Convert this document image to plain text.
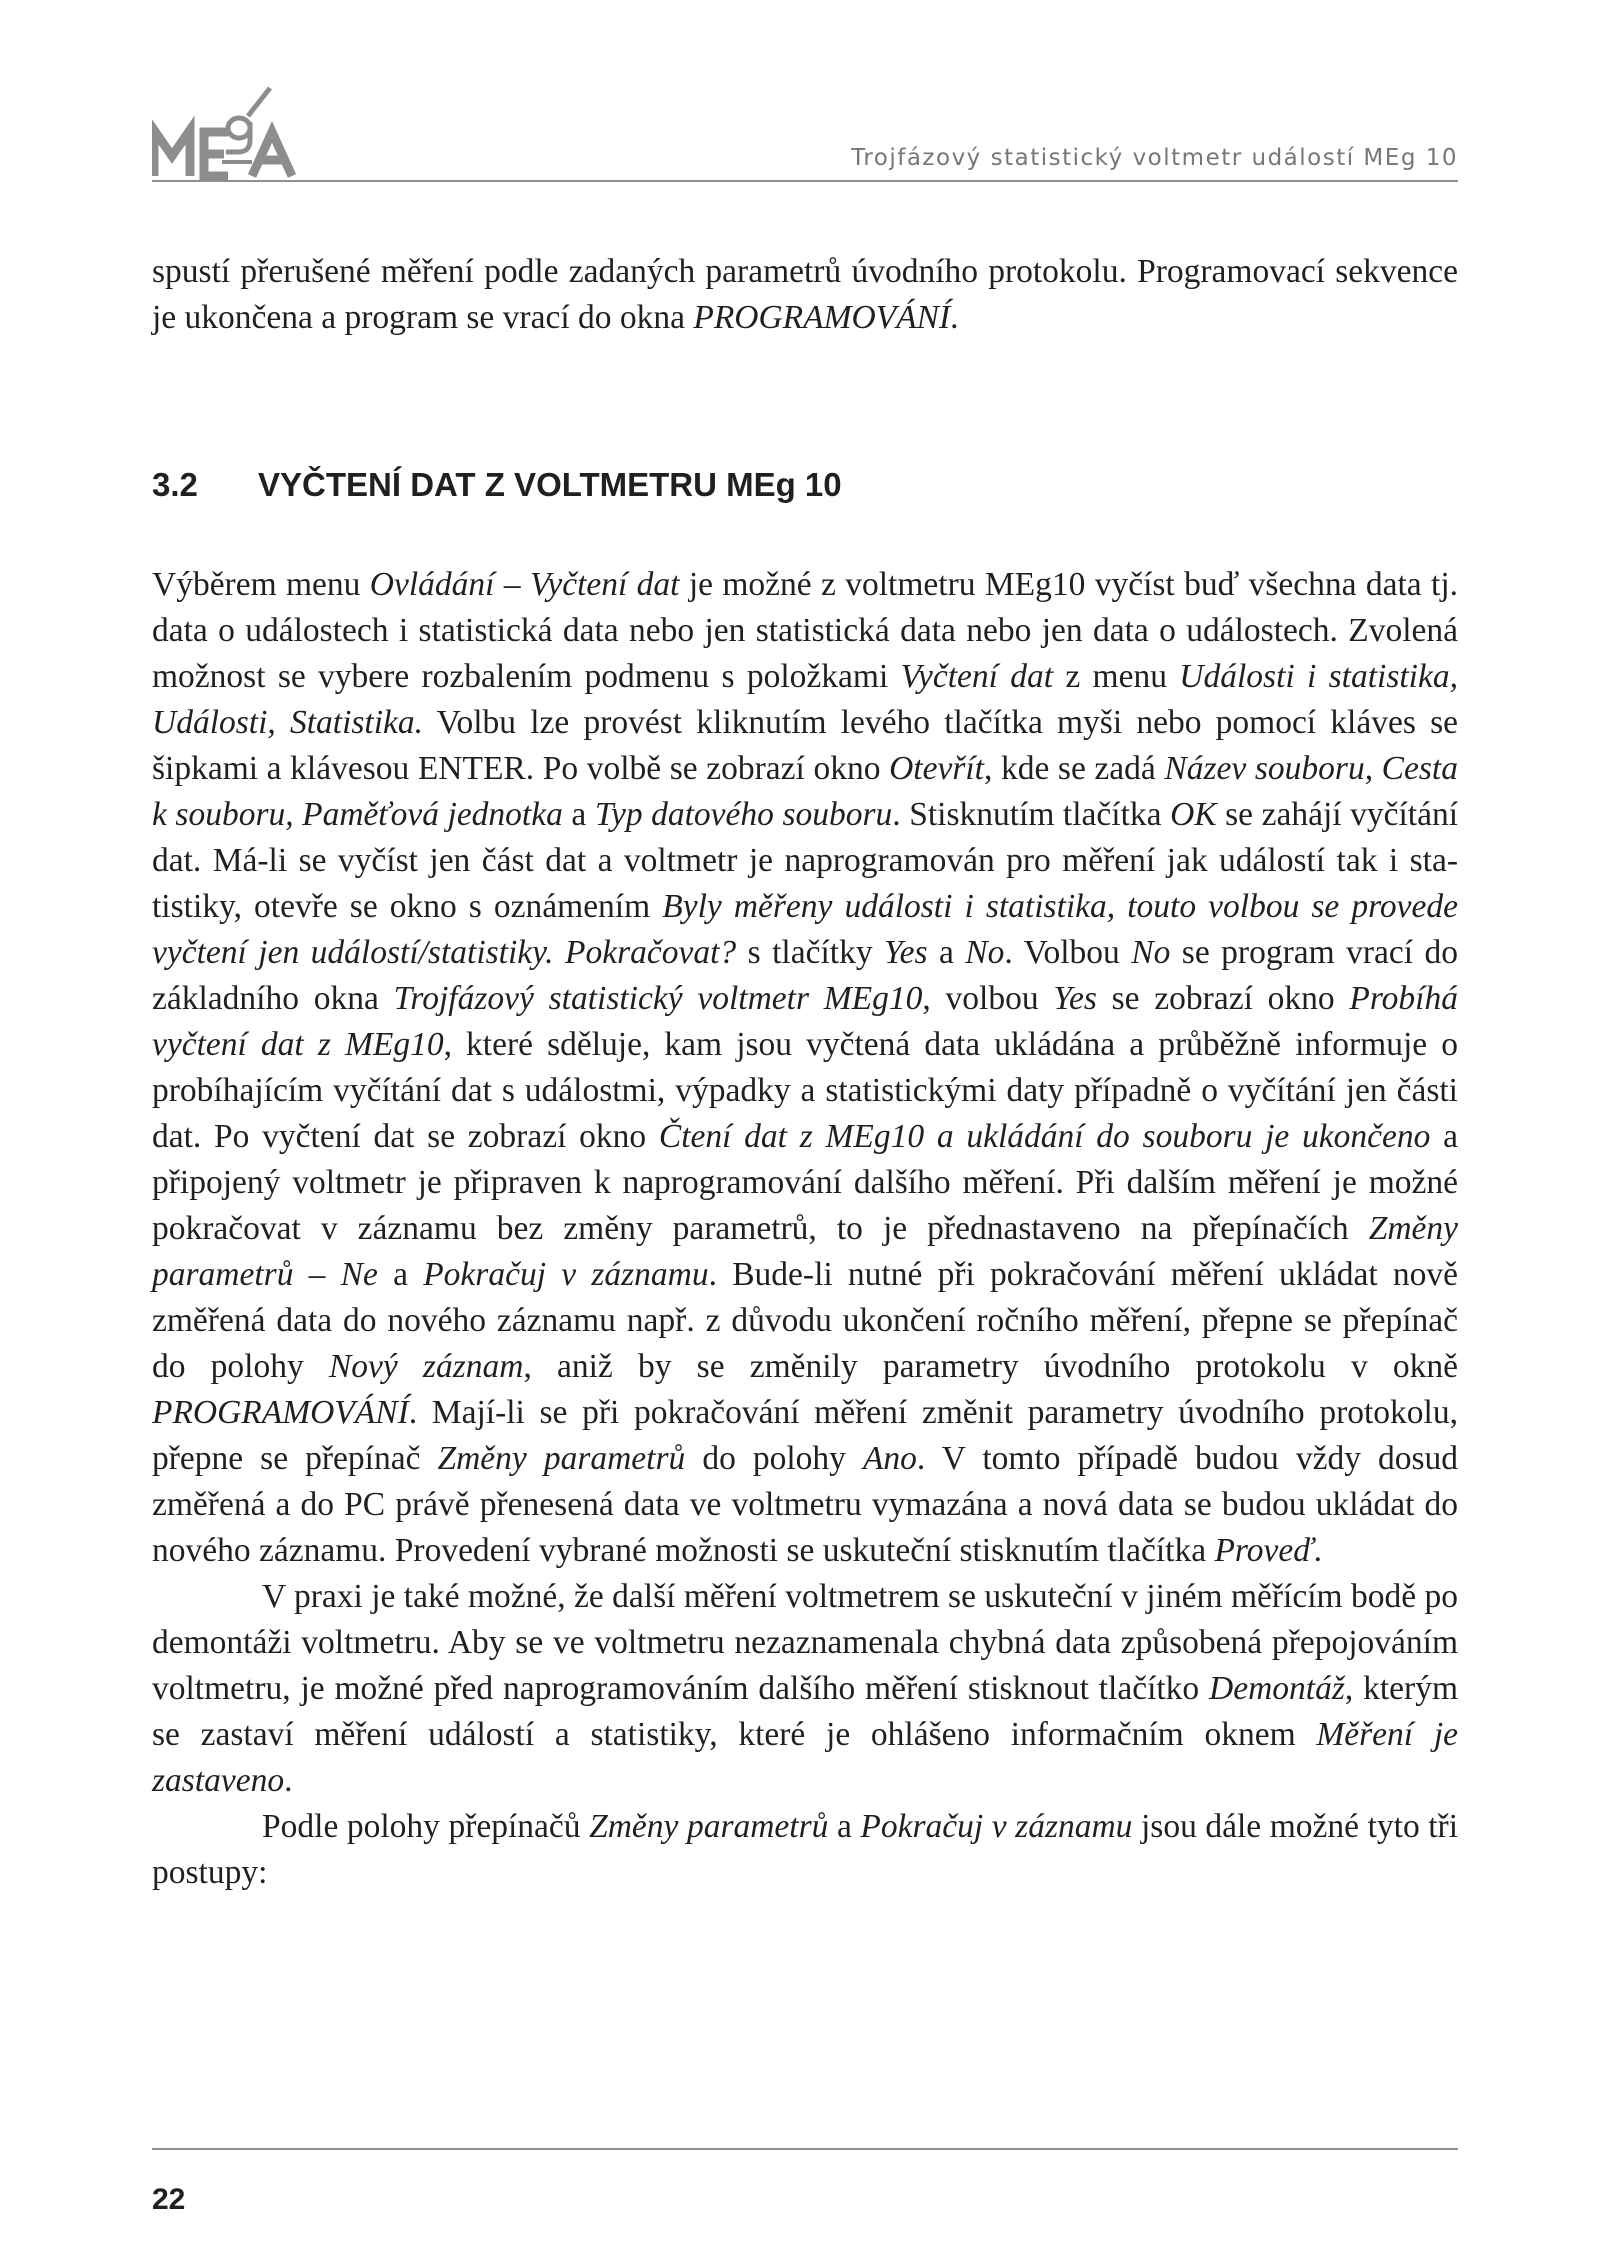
Trojfázový statistický voltmetr událostí MEg 10

spustí přerušené měření podle zadaných parametrů úvodního protokolu. Programovací sekvence je ukončena a program se vrací do okna PROGRAMOVÁNÍ.

3.2 VYČTENÍ DAT Z VOLTMETRU MEg 10

Výběrem menu Ovládání – Vyčtení dat je možné z voltmetru MEg10 vyčíst buď všechna data tj. data o událostech i statistická data nebo jen statistická data nebo jen data o událostech. Zvolená možnost se vybere rozbalením podmenu s položkami Vyčtení dat z menu Události i statistika, Události, Statistika. Volbu lze provést kliknutím levého tlačítka myši nebo pomocí kláves se šipkami a klávesou ENTER. Po volbě se zobrazí okno Otevřít, kde se zadá Název souboru, Cesta k souboru, Paměťová jednotka a Typ datového souboru. Stisknutím tlačítka OK se zahájí vyčítání dat. Má-li se vyčíst jen část dat a voltmetr je naprogramován pro měření jak událostí tak i statistiky, otevře se okno s oznámením Byly měřeny události i statistika, touto volbou se provede vyčtení jen událostí/statistiky. Pokračovat? s tlačítky Yes a No. Volbou No se program vrací do základního okna Trojfázový statistický voltmetr MEg10, volbou Yes se zobrazí okno Probíhá vyčtení dat z MEg10, které sděluje, kam jsou vyčtená data ukládána a průběžně informuje o probíhajícím vyčítání dat s událostmi, výpadky a statistickými daty případně o vyčítání jen části dat. Po vyčtení dat se zobrazí okno Čtení dat z MEg10 a ukládání do souboru je ukončeno a připojený voltmetr je připraven k naprogramování dalšího měření. Při dalším měření je možné pokračovat v záznamu bez změny parametrů, to je přednastaveno na přepínačích Změny parametrů – Ne a Pokračuj v záznamu. Bude-li nutné při pokračování měření ukládat nově změřená data do nového záznamu např. z důvodu ukončení ročního měření, přepne se přepínač do polohy Nový záznam, aniž by se změnily parametry úvodního protokolu v okně PROGRAMOVÁNÍ. Mají-li se při pokračování měření změnit parametry úvodního protokolu, přepne se přepínač Změny parametrů do polohy Ano. V tomto případě budou vždy dosud změřená a do PC právě přenesená data ve voltmetru vymazána a nová data se budou ukládat do nového záznamu. Provedení vybrané možnosti se uskuteční stisknutím tlačítka Proveď.

V praxi je také možné, že další měření voltmetrem se uskuteční v jiném měřícím bodě po demontáži voltmetru. Aby se ve voltmetru nezaznamenala chybná data způsobená přepojováním voltmetru, je možné před naprogramováním dalšího měření stisknout tlačítko Demontáž, kterým se zastaví měření událostí a statistiky, které je ohlášeno informačním oknem Měření je zastaveno.

Podle polohy přepínačů Změny parametrů a Pokračuj v záznamu jsou dále možné tyto tři postupy:

22
